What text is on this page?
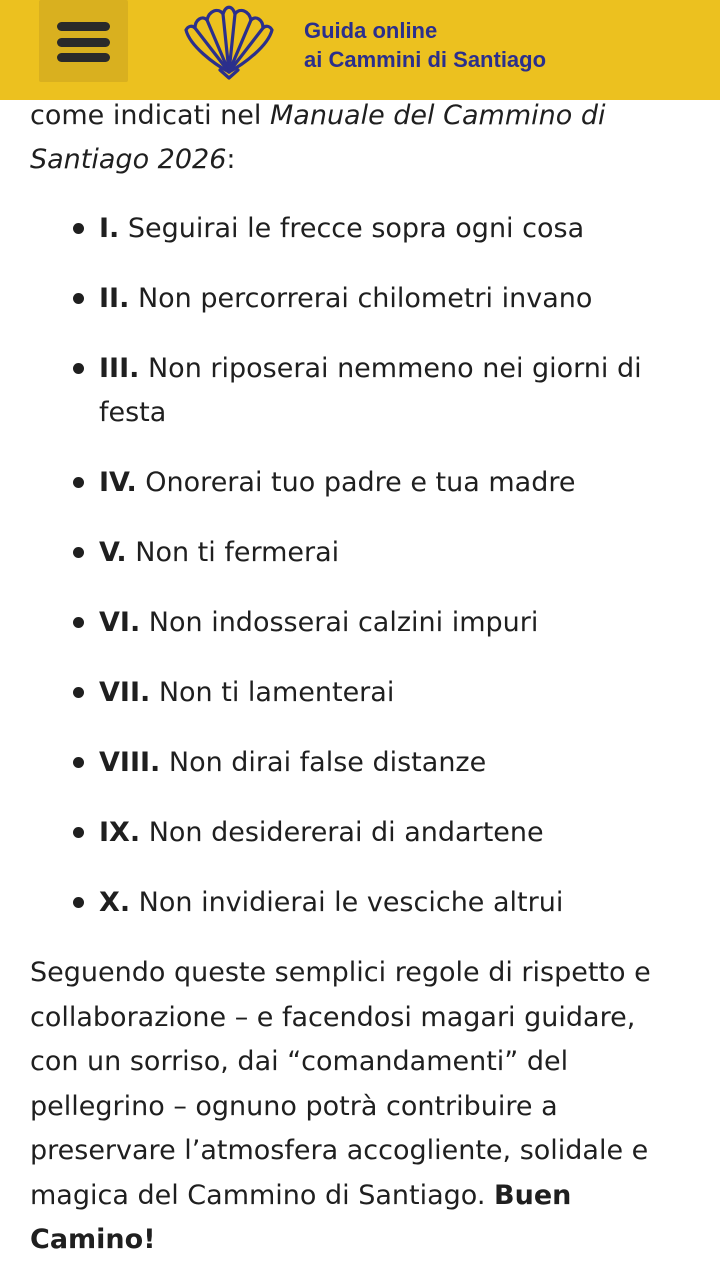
Guida online
ai Cammini di Santiago

come indicati nel Manuale del Cammino di Santiago 2026:

I. Seguirai le frecce sopra ogni cosa
II. Non percorrerai chilometri invano
III. Non riposerai nemmeno nei giorni di festa
IV. Onorerai tuo padre e tua madre
V. Non ti fermerai
VI. Non indosserai calzini impuri
VII. Non ti lamenterai
VIII. Non dirai false distanze
IX. Non desidererai di andartene
X. Non invidierai le vesciche altrui

Seguendo queste semplici regole di rispetto e collaborazione – e facendosi magari guidare, con un sorriso, dai “comandamenti” del pellegrino – ognuno potrà contribuire a preservare l’atmosfera accogliente, solidale e magica del Cammino di Santiago. Buen Camino!
